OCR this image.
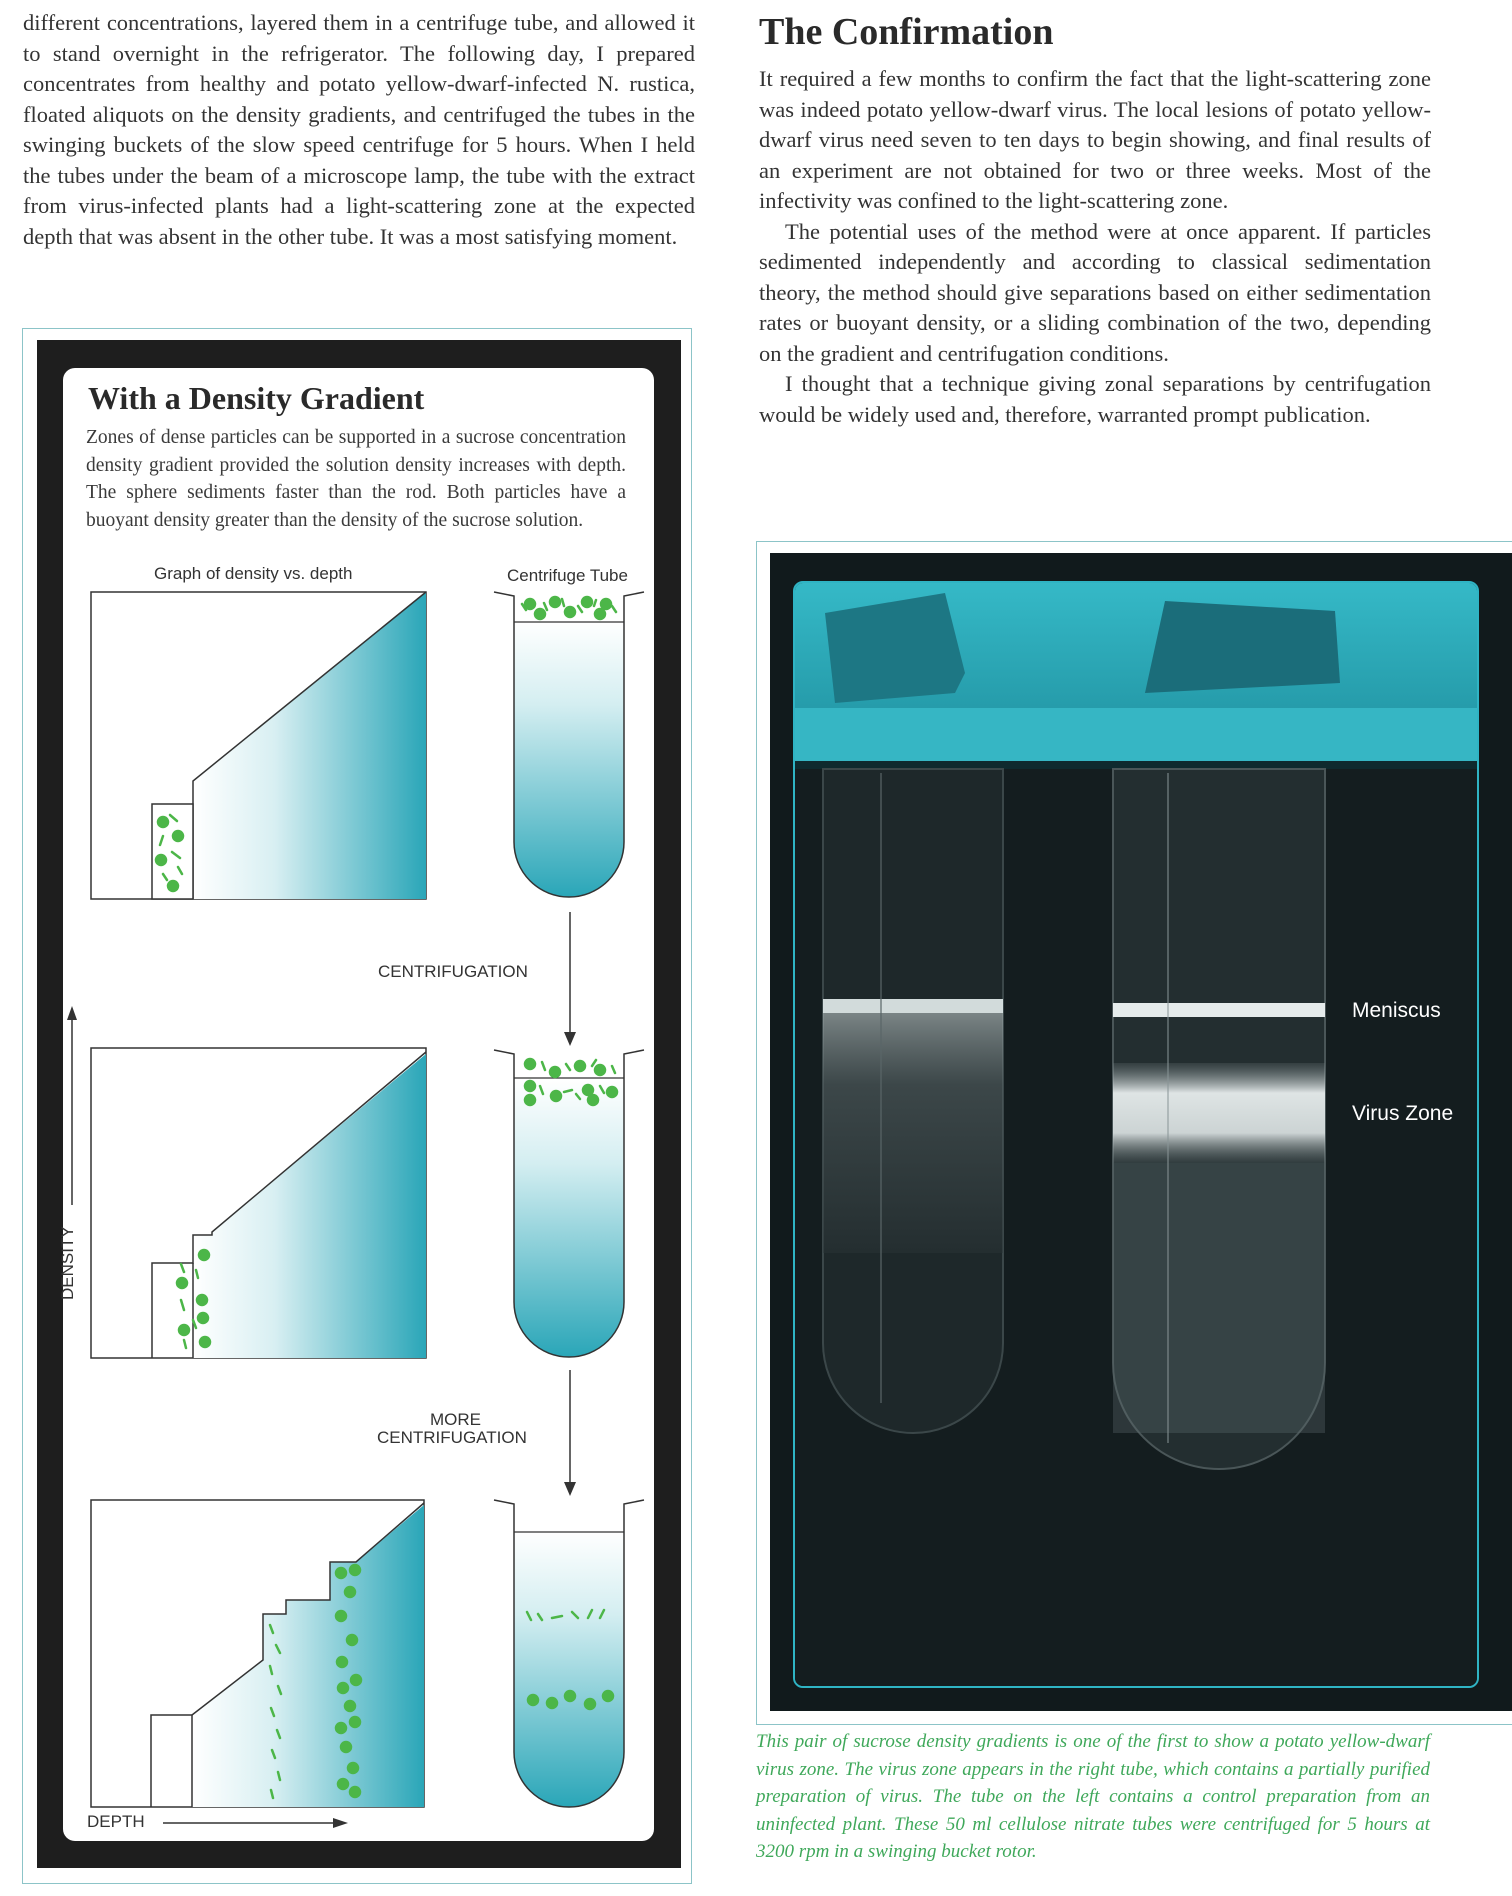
different concentrations, layered them in a centrifuge tube, and allowed it to stand overnight in the refrigerator. The following day, I prepared concentrates from healthy and potato yellow-dwarf-infected N. rustica, floated aliquots on the density gradients, and centrifuged the tubes in the swinging buckets of the slow speed centrifuge for 5 hours. When I held the tubes under the beam of a microscope lamp, the tube with the extract from virus-infected plants had a light-scattering zone at the expected depth that was absent in the other tube. It was a most satisfying moment.
The Confirmation

It required a few months to confirm the fact that the light-scattering zone was indeed potato yellow-dwarf virus. The local lesions of potato yellow-dwarf virus need seven to ten days to begin showing, and final results of an experiment are not obtained for two or three weeks. Most of the infectivity was confined to the light-scattering zone.

The potential uses of the method were at once apparent. If particles sedimented independently and according to classical sedimentation theory, the method should give separations based on either sedimentation rates or buoyant density, or a sliding combination of the two, depending on the gradient and centrifugation conditions.

I thought that a technique giving zonal separations by centrifugation would be widely used and, therefore, warranted prompt publication.

With a Density Gradient
Zones of dense particles can be supported in a sucrose concentration density gradient provided the solution density increases with depth. The sphere sediments faster than the rod. Both particles have a buoyant density greater than the density of the sucrose solution.
Graph of density vs. depth	Centrifuge Tube
CENTRIFUGATION
MORE
CENTRIFUGATION
DENSITY
DEPTH
Meniscus
Virus Zone
This pair of sucrose density gradients is one of the first to show a potato yellow-dwarf virus zone. The virus zone appears in the right tube, which contains a partially purified preparation of virus. The tube on the left contains a control preparation from an uninfected plant. These 50 ml cellulose nitrate tubes were centrifuged for 5 hours at 3200 rpm in a swinging bucket rotor.
